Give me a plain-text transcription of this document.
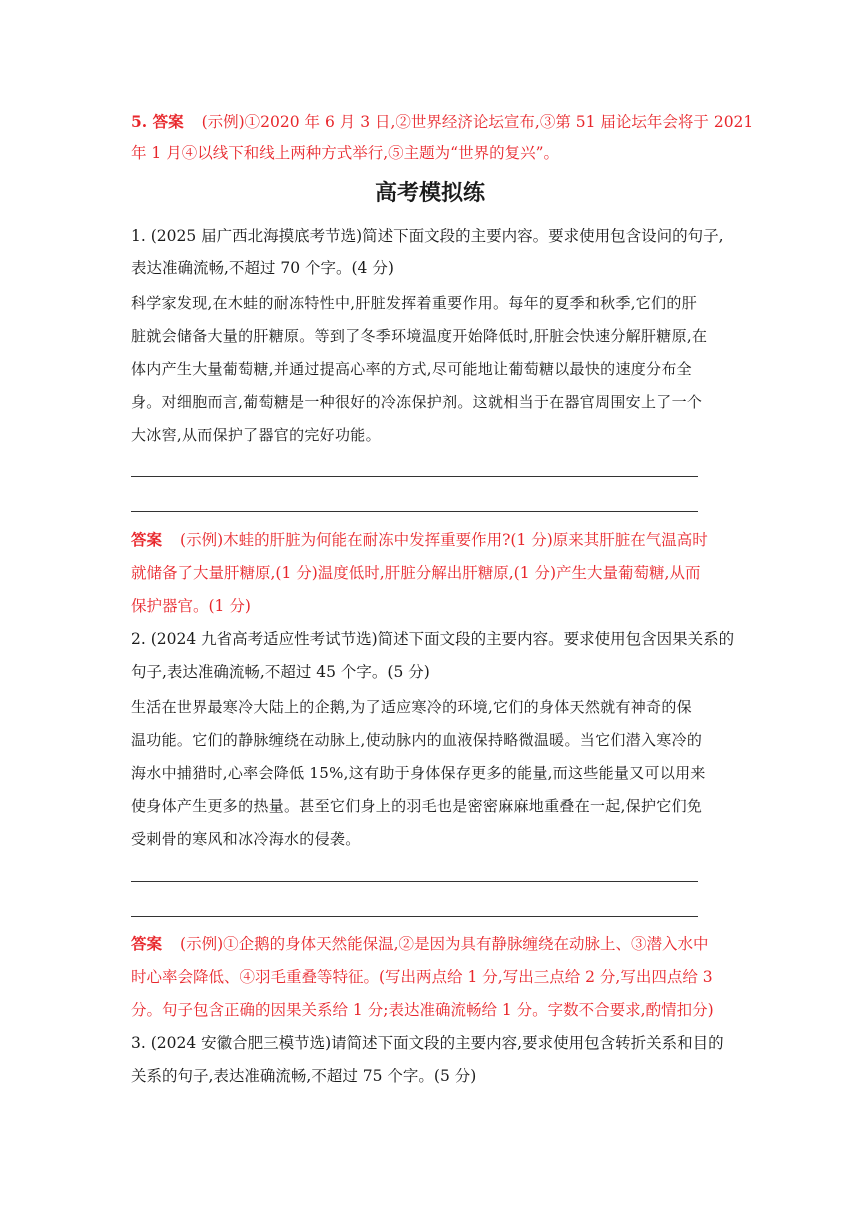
5. 答案 (示例)①2020 年 6 月 3 日,②世界经济论坛宣布,③第 51 届论坛年会将于 2021
年 1 月④以线下和线上两种方式举行,⑤主题为“世界的复兴”。
高考模拟练
1. (2025 届广西北海摸底考节选)简述下面文段的主要内容。要求使用包含设问的句子,
表达准确流畅,不超过 70 个字。(4 分)
科学家发现,在木蛙的耐冻特性中,肝脏发挥着重要作用。每年的夏季和秋季,它们的肝
脏就会储备大量的肝糖原。等到了冬季环境温度开始降低时,肝脏会快速分解肝糖原,在
体内产生大量葡萄糖,并通过提高心率的方式,尽可能地让葡萄糖以最快的速度分布全
身。对细胞而言,葡萄糖是一种很好的冷冻保护剂。这就相当于在器官周围安上了一个
大冰窖,从而保护了器官的完好功能。
答案 (示例)木蛙的肝脏为何能在耐冻中发挥重要作用?(1 分)原来其肝脏在气温高时
就储备了大量肝糖原,(1 分)温度低时,肝脏分解出肝糖原,(1 分)产生大量葡萄糖,从而
保护器官。(1 分)
2. (2024 九省高考适应性考试节选)简述下面文段的主要内容。要求使用包含因果关系的
句子,表达准确流畅,不超过 45 个字。(5 分)
生活在世界最寒冷大陆上的企鹅,为了适应寒冷的环境,它们的身体天然就有神奇的保
温功能。它们的静脉缠绕在动脉上,使动脉内的血液保持略微温暖。当它们潜入寒冷的
海水中捕猎时,心率会降低 15%,这有助于身体保存更多的能量,而这些能量又可以用来
使身体产生更多的热量。甚至它们身上的羽毛也是密密麻麻地重叠在一起,保护它们免
受刺骨的寒风和冰冷海水的侵袭。
答案 (示例)①企鹅的身体天然能保温,②是因为具有静脉缠绕在动脉上、③潜入水中
时心率会降低、④羽毛重叠等特征。(写出两点给 1 分,写出三点给 2 分,写出四点给 3
分。句子包含正确的因果关系给 1 分;表达准确流畅给 1 分。字数不合要求,酌情扣分)
3. (2024 安徽合肥三模节选)请简述下面文段的主要内容,要求使用包含转折关系和目的
关系的句子,表达准确流畅,不超过 75 个字。(5 分)
